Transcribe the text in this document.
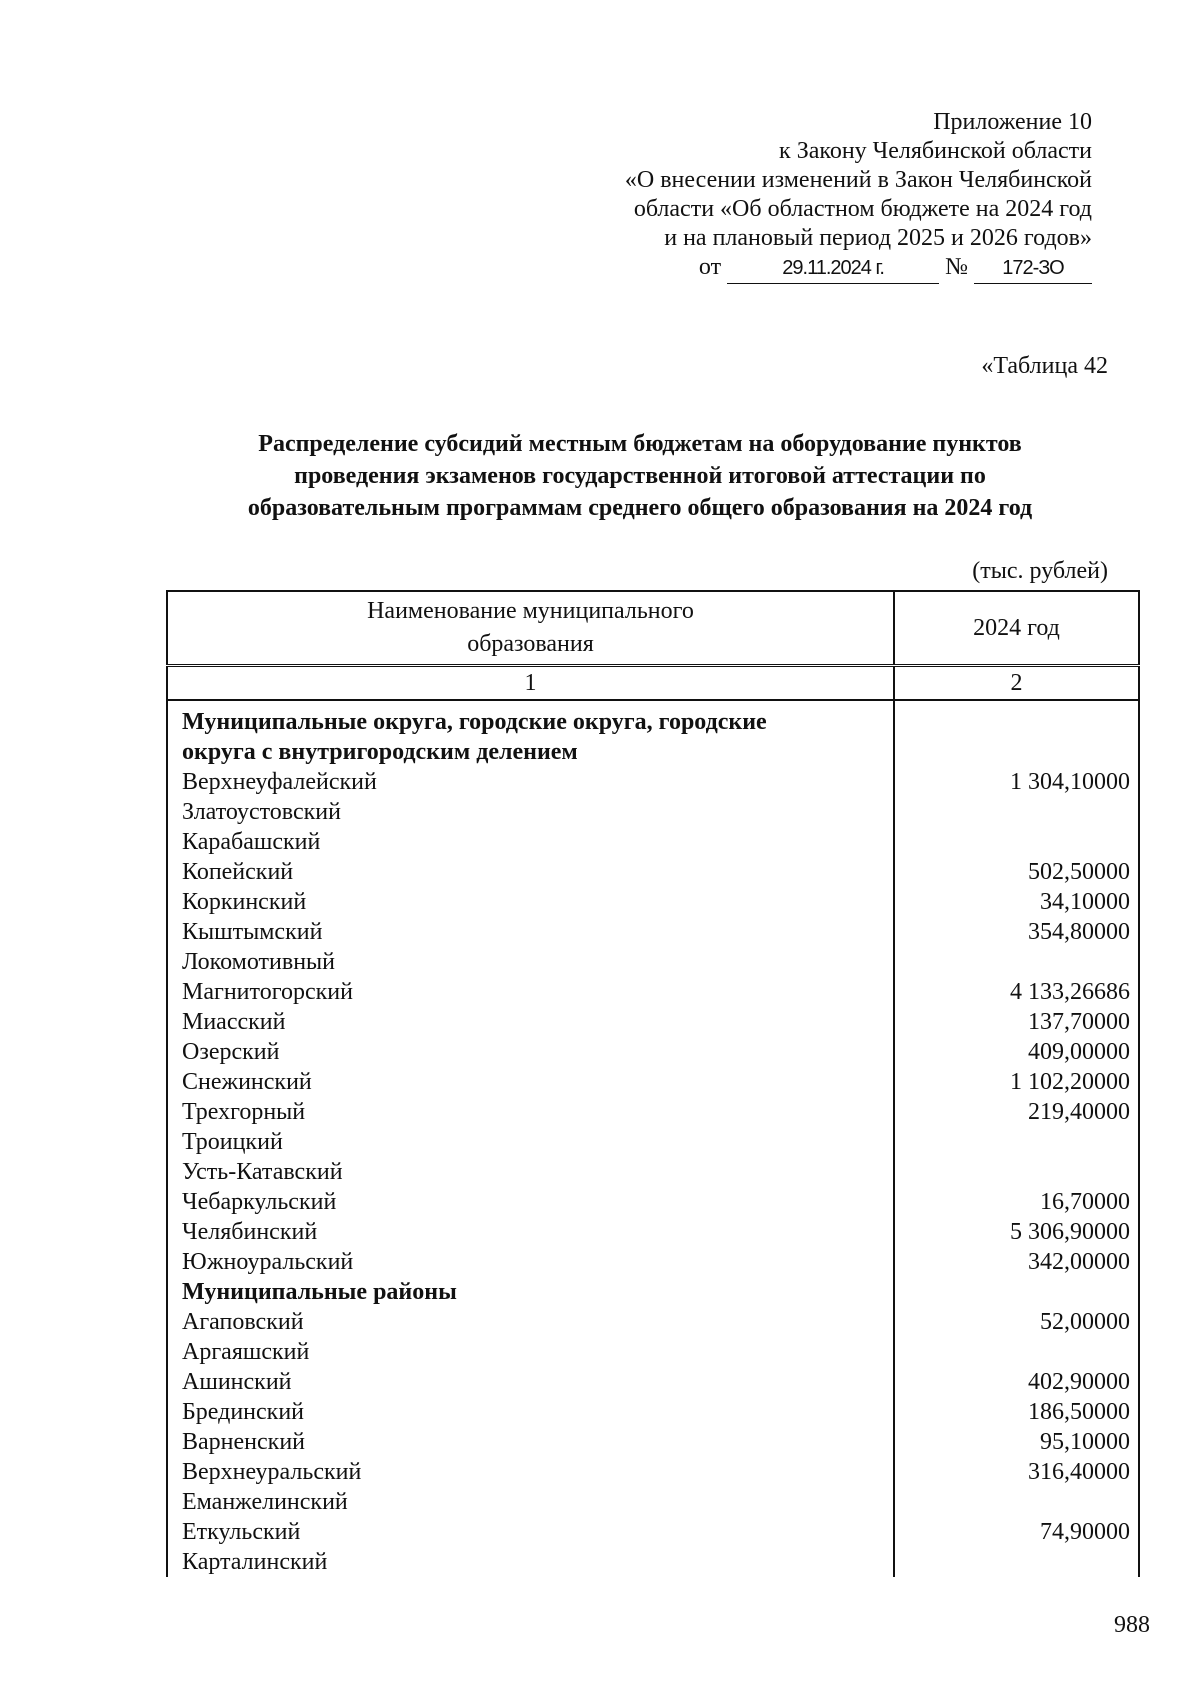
Приложение 10
к Закону Челябинской области
«О внесении изменений в Закон Челябинской
области «Об областном бюджете на 2024 год
и на плановый период 2025 и 2026 годов»
от	29.11.2024 г.	№ 172-ЗО
«Таблица 42
Распределение субсидий местным бюджетам на оборудование пунктов
проведения экзаменов государственной итоговой аттестации по
образовательным программам среднего общего образования на 2024 год
(тыс. рублей)
Наименование муниципального
образования	2024 год
1	2
Муниципальные округа, городские округа, городские	
округа с внутригородским делением	
Верхнеуфалейский	1 304,10000
Златоустовский	
Карабашский	
Копейский	502,50000
Коркинский	34,10000
Кыштымский	354,80000
Локомотивный	
Магнитогорский	4 133,26686
Миасский	137,70000
Озерский	409,00000
Снежинский	1 102,20000
Трехгорный	219,40000
Троицкий	
Усть-Катавский	
Чебаркульский	16,70000
Челябинский	5 306,90000
Южноуральский	342,00000
Муниципальные районы	
Агаповский	52,00000
Аргаяшский	
Ашинский	402,90000
Брединский	186,50000
Варненский	95,10000
Верхнеуральский	316,40000
Еманжелинский	
Еткульский	74,90000
Карталинский	
988
